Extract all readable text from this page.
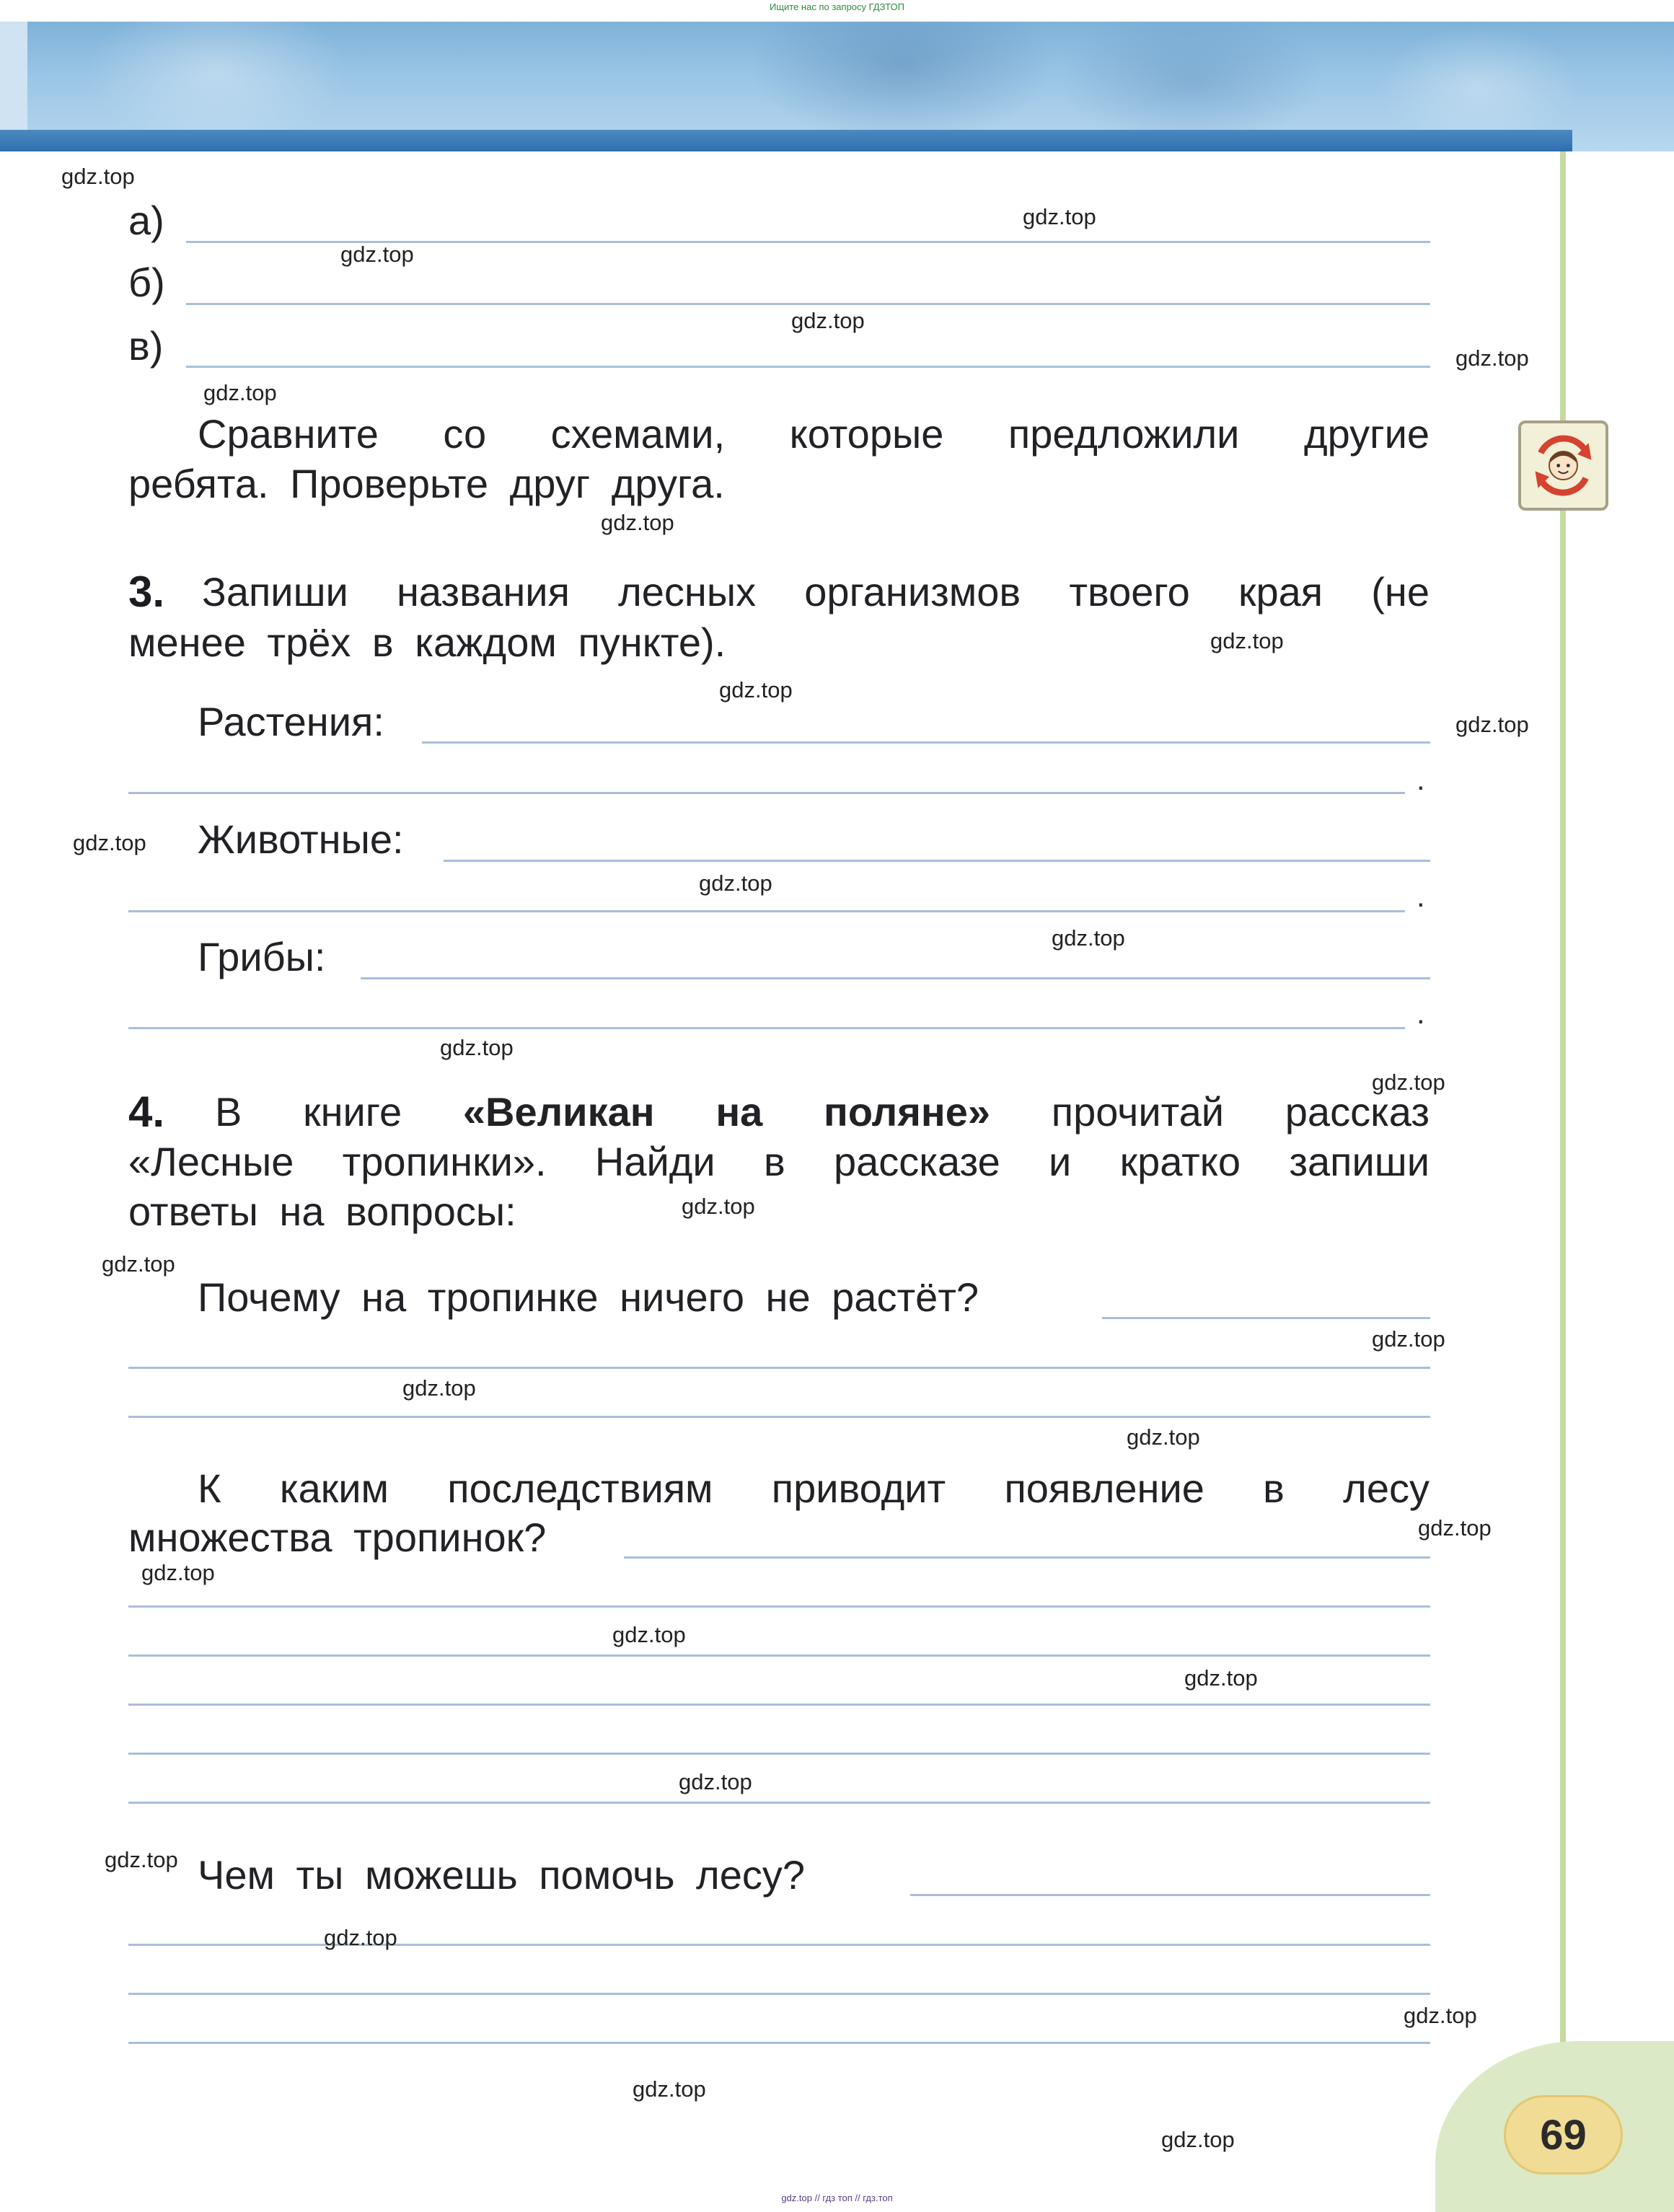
Ищите нас по запросу ГДЗТОП
69
а)
б)
в)
Сравните со схемами, которые предложили другие
ребята. Проверьте друг друга.
3. Запиши названия лесных организмов твоего края (не
менее трёх в каждом пункте).
Растения:
.
Животные:
.
Грибы:
.
4. В книге «Великан на поляне» прочитай рассказ
«Лесные тропинки». Найди в рассказе и кратко запиши
ответы на вопросы:
Почему на тропинке ничего не растёт?
К каким последствиям приводит появление в лесу
множества тропинок?
Чем ты можешь помочь лесу?
gdz.top
gdz.top
gdz.top
gdz.top
gdz.top
gdz.top
gdz.top
gdz.top
gdz.top
gdz.top
gdz.top
gdz.top
gdz.top
gdz.top
gdz.top
gdz.top
gdz.top
gdz.top
gdz.top
gdz.top
gdz.top
gdz.top
gdz.top
gdz.top
gdz.top
gdz.top
gdz.top
gdz.top
gdz.top
gdz.top
gdz.top // гдз топ // гдз.топ
